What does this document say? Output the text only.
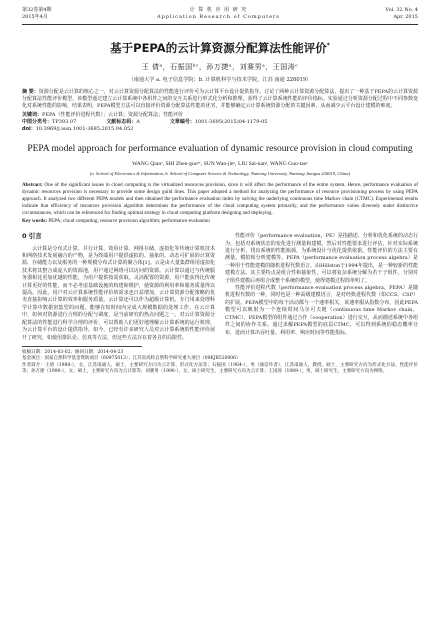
第32卷第4期
2015年4月
计 算 机 应 用 研 究
Application Research of Computers
Vol. 32 No. 4
Apr. 2015
基于PEPA的云计算资源分配算法性能评价*
王 倩ᵃ，石振国ᵇᶜ，孙万捷ᵃ，刘赛男ᵃ，王国涛ᶜ
（南通大学 a. 电子信息学院；b. 计算机科学与技术学院，江苏 南通 226019）
摘 要：资源分配是云计算的核心之一，对云计算资源分配算法的性能进行评价可为云计算平台设计提供指导。讨论了两种云计算资源分配算法，提出了一种基于PEPA的云计算资源分配算法性能评价模型，该模型通过建立云计算系统中各组件之间的交互关系进行形式化分析和推理，获得了云计算系统性能的评价指标。实验通过分析资源分配过程中不同参数变化对系统性能的影响，结果表明，PEPA模型方法可以直接评价资源分配算法性能的优劣，并能够确定云计算系统资源分配的关键因素，从而减少云平台设计建模的难度。
关键词：PEPA（性能评价进程代数）；云计算；资源分配算法；性能评价
中图分类号：TP393.07	文献标志码：A	文章编号：1001-3695(2015)04-1179-05
doi：10.3969/j.issn.1001-3695.2015.04.052
PEPA model approach for performance evaluation of dynamic resource provision in cloud computing
WANG Qianᵃ, SHI Zhen-guoᵇᶜ, SUN Wan-jieᵃ, LIU Sai-nanᵃ, WANG Guo-taoᶜ
(a. School of Electronics & Information, b. School of Computer Science & Technology, Nantong University, Nantong Jiangsu 226019, China)
Abstract: One of the significant issues in cloud computing is the virtualized resources provision, since it will affect the performance of the entire system. Hence, performance evaluation of dynamic resources provision is necessary to provide some design guild lines. This paper adopted a method for analyzing the performance of resource provisioning process by using PEPA approach. It analyzed two different PEPA models and then obtained the performance evaluation index by solving the underlying continuous time Markov chain (CTMC). Experimental results indicate that efficiency of resources provision algorithm determines the performance of the cloud computing system primarily, and the performance varies diversely under distinctive circumstances, which can be referenced for finding optimal strategy in cloud computing platform designing and deploying.
Key words: PEPA; cloud computing; resource provision algorithm; performance evaluation
0 引言

云计算是分布式计算、并行计算、效用计算、网络存储、虚拟化等传统计算机技术和网络技术发展融合的产物，是为终端用户提供虚拟的、抽象的、动态可扩展的计算资源、存储能力以及服务的一种规模分布式计算的聚合体[1]。云是由大量集群组用虚拟化技术将其整合成庞大的资源池，用户通过网络可以访问的资源。云计算以通过与传统服务器相比更加优越的性能，为用户提供按需获取、灵活配置的资源，用户能获得比传统计算更好的性能，而不必考虑基础设施的构建和维护，使资源的利用率和服务质量得以提高。因此，用户对云计算系统性能评价的需求也日益增加，云计算资源分配策略的优劣直接影响云计算的效率和服务质量。云计算还可以作为超级计算机，专门用来处理科学计算中数据密集型的问题，能够在短时间内完成大规模数据的处理工作。在云计算中，如何对资源进行合理的分配与调度，是当前研究的热点问题之一。对云计算资源分配算法的性能进行科学合理的评价，可以帮助人们更好地理解云计算系统的运行机理，为云计算平台的设计提供指导。如今，已经有许多研究人员对云计算系统的性能评价展开了研究，如使用排队论、仿真等方法，但这些方法存在着各自的局限性。

性能评价（performance evaluation，PE）是指描述、分析和优化系统的动态行为，包括对系统状态的变化进行测量和建模，然后对性能要求进行评估，针对实际系统进行分析，找出系统的性能瓶颈，为系统设计与优化提供依据。性能评价的方法主要有测量、模拟和分析建模等。PEPA（performance evaluation process algebra）是一种用于性能建模的随机进程代数语言，由Hillston于1994年提出，是一种较新的性能建模方法。其主要特点是组合性和抽象性，可以将复杂系统分解为若干子组件，分别对子组件建模后再组合成整个系统的模型，使得建模过程简单明了。

性能评价进程代数（performance evaluation process algebra，PEPA）是随机进程代数的一种，同时也是一种高级建模语言，是对经典进程代数（如CCS、CSP）的扩展。PEPA模型中的每个活动都与一个速率相关，该速率服从指数分布，因此PEPA模型可以映射为一个连续时间马尔可夫链（continuous time Markov chain，CTMC）。PEPA模型的组件通过合作（cooperation）进行交互，从而描述系统中各组件之间的协作关系。通过求解PEPA模型的底层CTMC，可以得到系统的稳态概率分布，进而计算出吞吐量、利用率、响应时间等性能指标。

收稿日期：2014-03-02；修回日期：2014-04-23
基金项目：国家自然科学基金资助项目（60975013）；江苏省高校自然科学研究重大项目（09KJB520006）
作者简介：王倩（1988-），女，江苏南通人，硕士，主要研究方向为云计算、形式化方法等；石振国（1964-），男（通信作者），江苏南通人，教授，硕士，主要研究方向为形式化方法、性能评价等；孙万捷（1990-），女，硕士，主要研究方向为云计算等；刘赛男（1990-），女，硕士研究生，主要研究方向为云计算；王国涛（1989-），男，硕士研究生，主要研究方向为网络。
